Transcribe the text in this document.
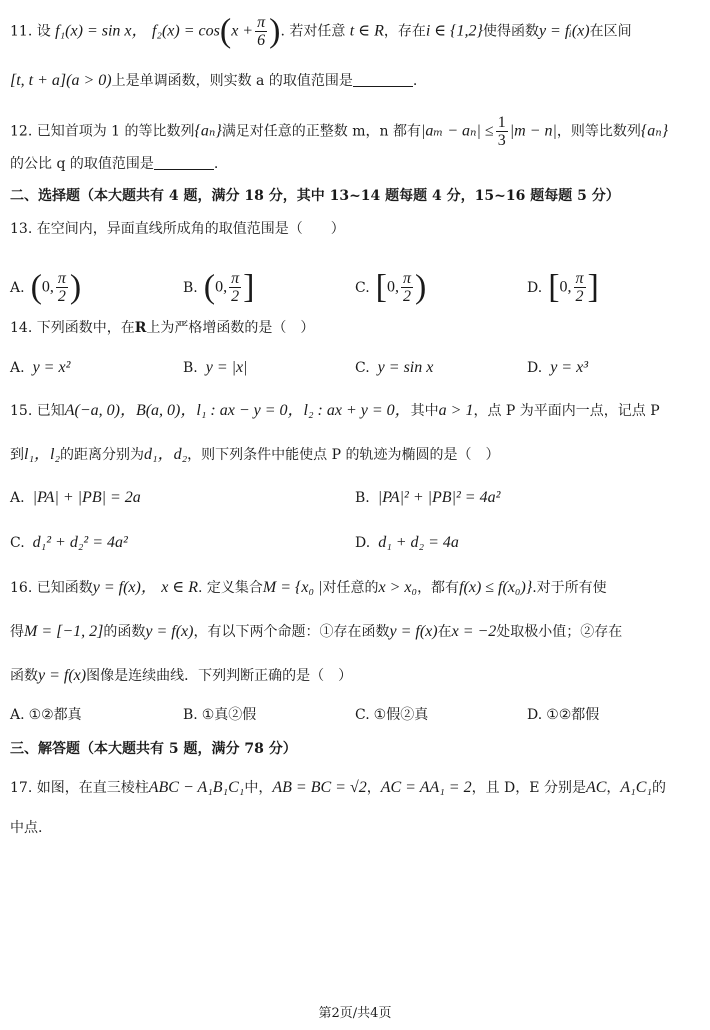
11. 设 f₁(x) = sin x， $f_2(x) = \cos(x + \frac{\pi}{6}$ ). 若对任意 t ∈ R，存在i ∈ {1,2}使得函数y = fᵢ(x)在区间
[t, t + a](a > 0)上是单调函数，则实数 a 的取值范围是	.
12. 已知首项为 1 的等比数列{aₙ}满足对任意的正整数 m，n 都有$|a_m - a_n| \le \frac{1}{3} |m - n|$，则等比数列{aₙ}
的公比 q 的取值范围是	.
二、选择题（本大题共有 4 题，满分 18 分，其中 13~14 题每题 4 分，15~16 题每题 5 分）
13. 在空间内，异面直线所成角的取值范围是（　　）
A. (0, $\frac{\pi}{2}$ )	B. (0, $\frac{\pi}{2}$ ]	C. [0, $\frac{\pi}{2}$ )	D. [0, $\frac{\pi}{2}$ ]
14. 下列函数中，在R上为严格增函数的是（　）
A. y = x²	B. y = |x|	C. y = sin x	D. y = x³
15. 已知A(−a, 0)，B(a, 0)，l₁ : ax − y = 0，l₂ : ax + y = 0，其中a > 1，点 P 为平面内一点，记点 P
到l₁，l₂的距离分别为d₁，d₂，则下列条件中能使点 P 的轨迹为椭圆的是（　）
A. |PA| + |PB| = 2a	B. |PA|² + |PB|² = 4a²
C. d₁² + d₂² = 4a²	D. d₁ + d₂ = 4a
16. 已知函数y = f(x)， x ∈ R. 定义集合M = {x₀ |对任意的x > x₀，都有f(x) ≤ f(x₀)}.对于所有使
得M = [−1, 2]的函数y = f(x)，有以下两个命题：①存在函数y = f(x)在x = −2处取极小值；②存在
函数y = f(x)图像是连续曲线．下列判断正确的是（　）
A. ①②都真	B. ①真②假	C. ①假②真	D. ①②都假
三、解答题（本大题共有 5 题，满分 78 分）
17. 如图，在直三棱柱ABC − A₁B₁C₁中，AB = BC = √2，AC = AA₁ = 2，且 D，E 分别是AC，A₁C₁的
中点.
第2页/共4页
